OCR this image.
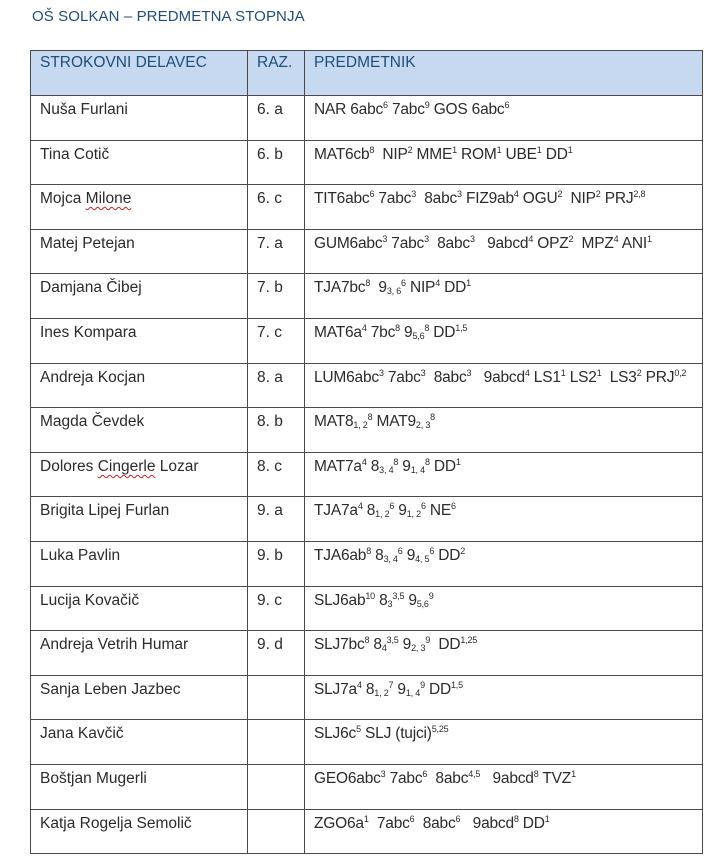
OŠ SOLKAN – PREDMETNA STOPNJA
STROKOVNI DELAVEC	RAZ.	PREDMETNIK
Nuša Furlani	6. a	NAR 6abc$^6$ 7abc$^9$ GOS 6abc$^6$
Tina Cotič	6. b	$MAT6cb^8$  NIP$^2$ MME$^1$ ROM$^1$ UBE$^1$ $DD^1$
Mojca Milone	6. c	TIT6abc$^6$ 7abc$^3$  8abc$^3$ $FIZ9ab^4$ OGU$^2$  NIP$^2$ PRJ$^{2,8}$
Matej Petejan	7. a	GUM6abc$^3$ 7abc$^3$  8abc$^3$   9abcd$^4$ OPZ$^2$  MPZ$^4$ ANI$^1$
Damjana Čibej	7. b	$TJA7bc^8$  $9_{3, 6}^6$ NIP$^4$ $DD^1$
Ines Kompara	7. c	$MAT6a^4$ $7bc^8$ $9_{5,6}^8$ DD$^{1,5}$
Andreja Kocjan	8. a	LUM6abc$^3$ 7abc$^3$  8abc$^3$   9abcd$^4$ $LS1^1$ $LS2^1$  $LS3^2$ PRJ$^{0,2}$
Magda Čevdek	8. b	$MAT8_{1, 2}^8$ $MAT9_{2, 3}^8$
Dolores Cingerle Lozar	8. c	$MAT7a^4$ $8_{3, 4}^8$ $9_{1, 4}^8$ $DD^1$
Brigita Lipej Furlan	9. a	$TJA7a^4$ $8_{1, 2}^6$ $9_{1, 2}^6$ $NE^6$
Luka Pavlin	9. b	$TJA6ab^8$ $8_{3, 4}^6$ $9_{4, 5}^6$ $DD^2$
Lucija Kovačič	9. c	$SLJ6ab^{10}$ $8_3^{3,5}$ $9_{5,6}^9$
Andreja Vetrih Humar	9. d	$SLJ7bc^8$ $8_4^{3,5}$ $9_{2, 3}^9$  DD$^{1,25}$
Sanja Leben Jazbec		$SLJ7a^4$ $8_{1, 2}^7$ $9_{1, 4}^9$ DD$^{1,5}$
Jana Kavčič		$SLJ6c^5$ SLJ (tujci)$^{5,25}$
Boštjan Mugerli		GEO6abc$^3$ 7abc$^6$  8abc$^{4,5}$   9abcd$^8$ TVZ$^1$
Katja Rogelja Semolič		$ZGO6a^1$  7abc$^6$  8abc$^6$   9abcd$^8$ $DD^1$
